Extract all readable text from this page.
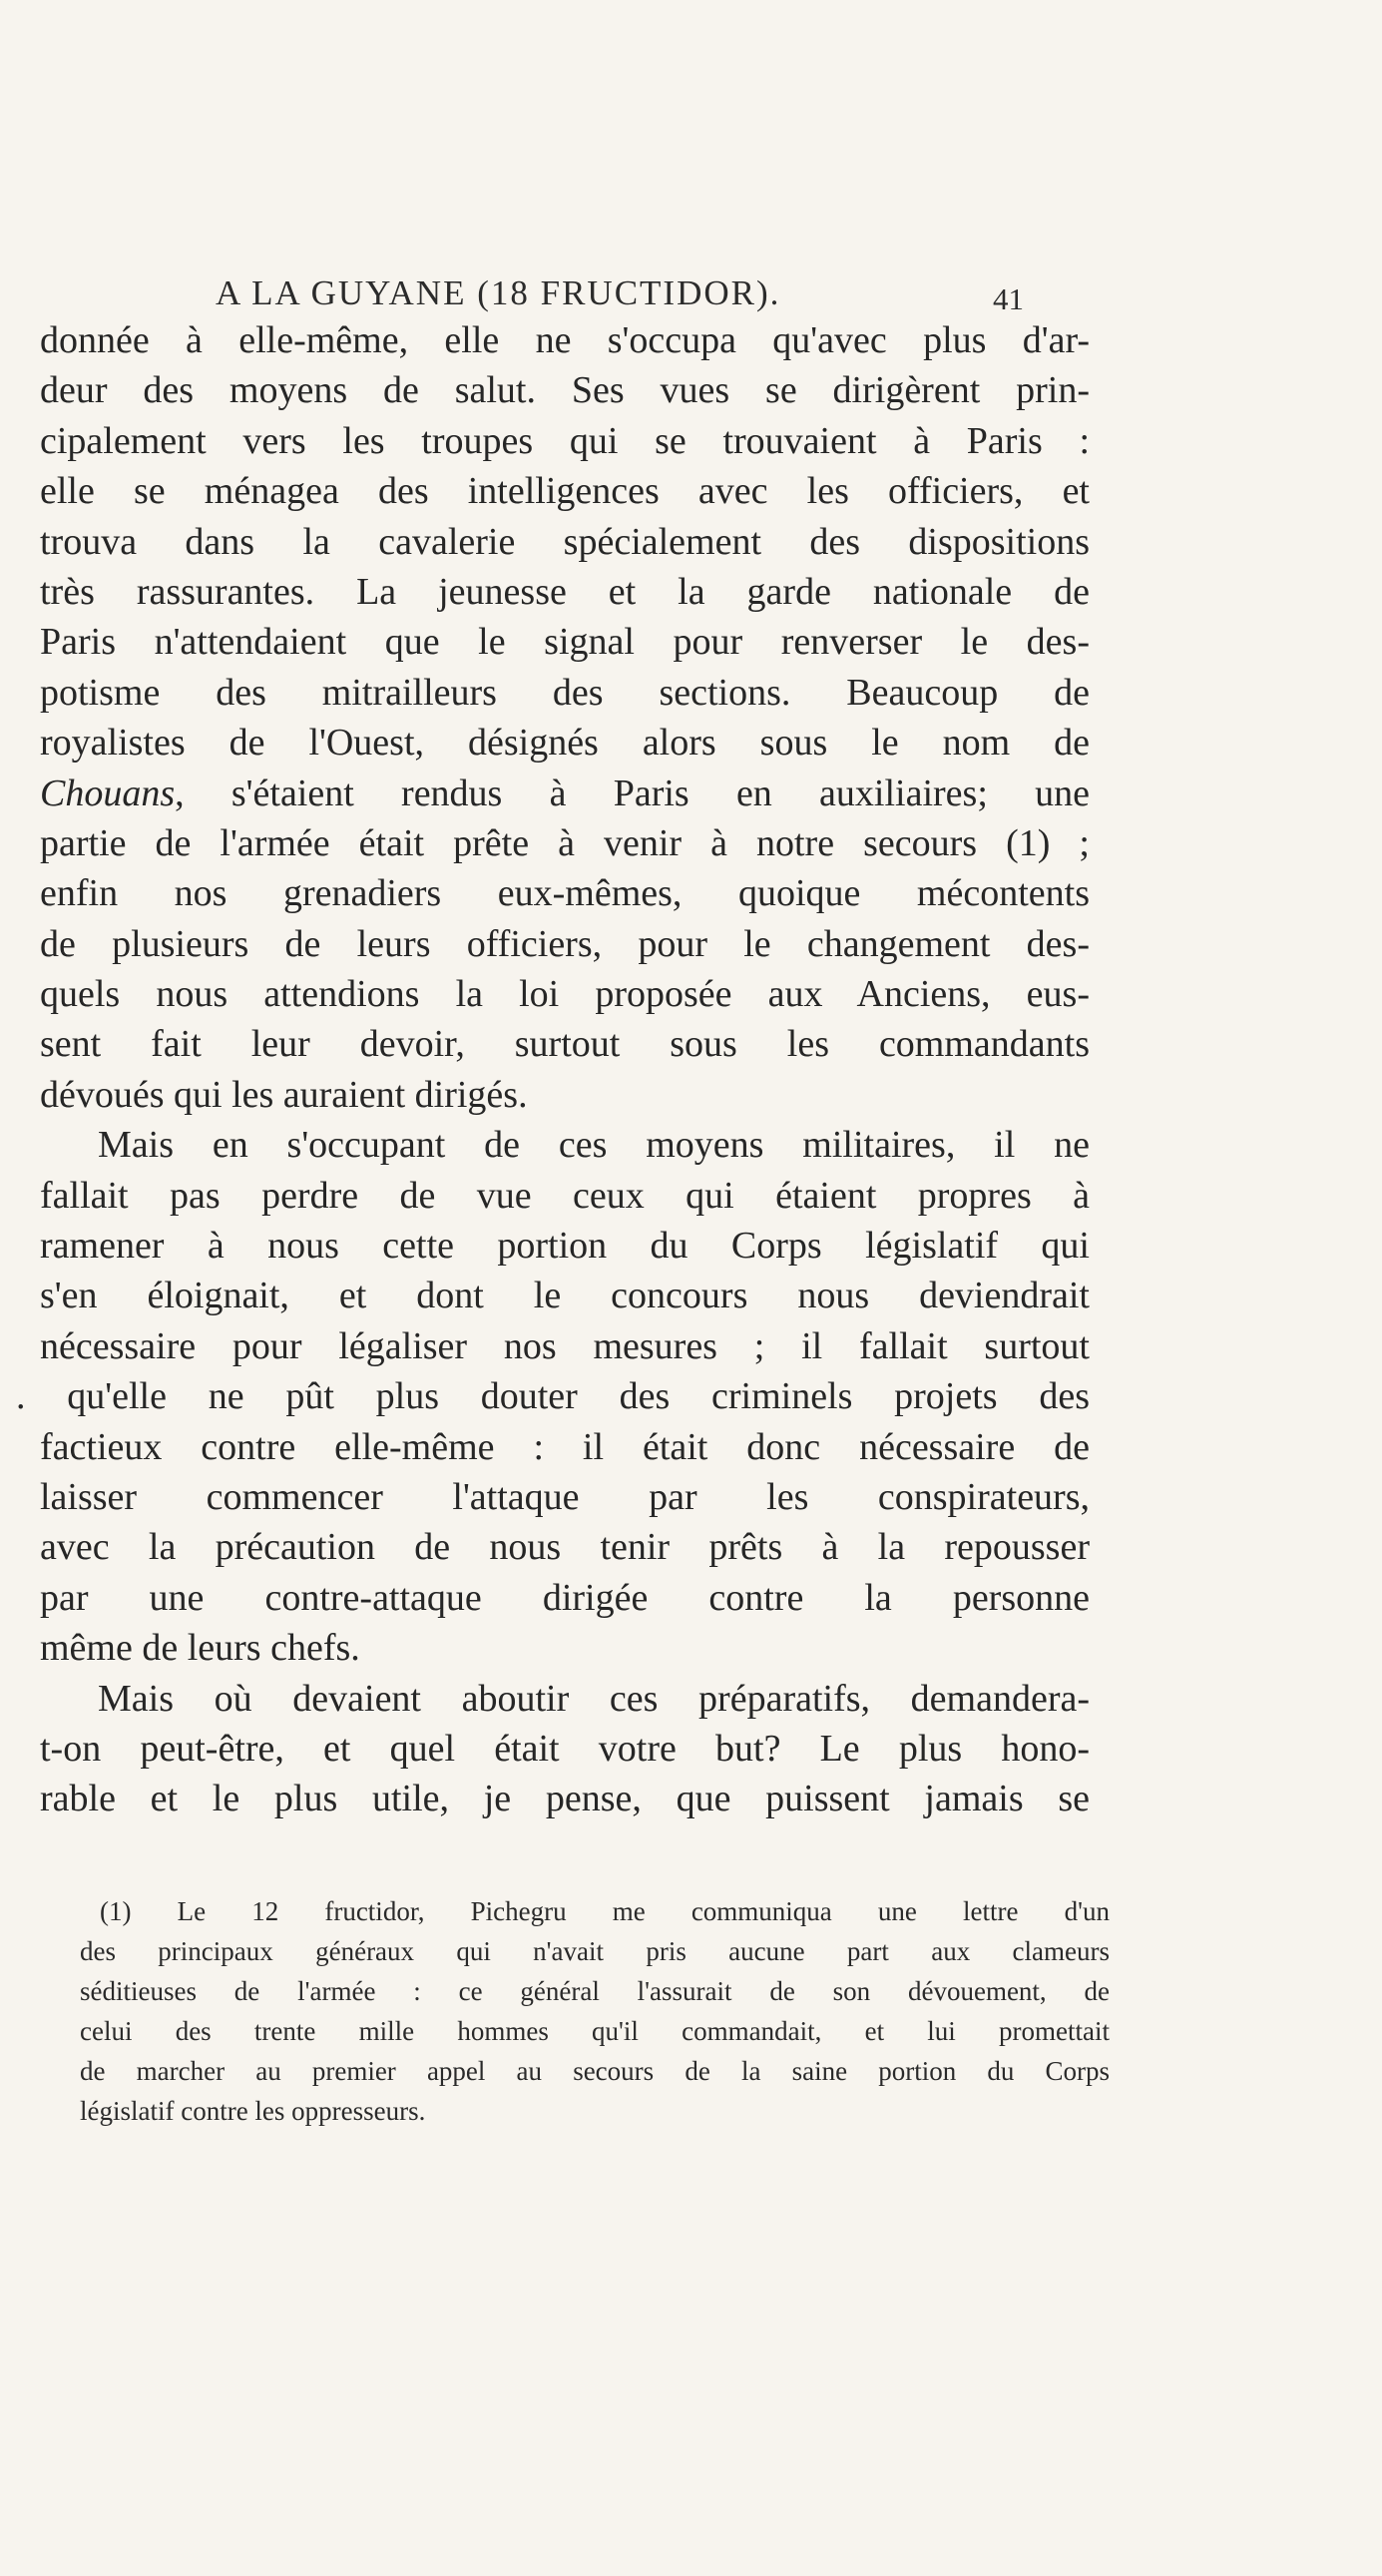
A LA GUYANE (18 FRUCTIDOR).	41
donnée à elle-même, elle ne s'occupa qu'avec plus d'ar-
deur des moyens de salut. Ses vues se dirigèrent prin-
cipalement vers les troupes qui se trouvaient à Paris :
elle se ménagea des intelligences avec les officiers, et
trouva dans la cavalerie spécialement des dispositions
très rassurantes. La jeunesse et la garde nationale de
Paris n'attendaient que le signal pour renverser le des-
potisme des mitrailleurs des sections. Beaucoup de
royalistes de l'Ouest, désignés alors sous le nom de
Chouans, s'étaient rendus à Paris en auxiliaires; une
partie de l'armée était prête à venir à notre secours (1) ;
enfin nos grenadiers eux-mêmes, quoique mécontents
de plusieurs de leurs officiers, pour le changement des-
quels nous attendions la loi proposée aux Anciens, eus-
sent fait leur devoir, surtout sous les commandants
dévoués qui les auraient dirigés.
Mais en s'occupant de ces moyens militaires, il ne
fallait pas perdre de vue ceux qui étaient propres à
ramener à nous cette portion du Corps législatif qui
s'en éloignait, et dont le concours nous deviendrait
nécessaire pour légaliser nos mesures ; il fallait surtout
. qu'elle ne pût plus douter des criminels projets des
factieux contre elle-même : il était donc nécessaire de
laisser commencer l'attaque par les conspirateurs,
avec la précaution de nous tenir prêts à la repousser
par une contre-attaque dirigée contre la personne
même de leurs chefs.
Mais où devaient aboutir ces préparatifs, demandera-
t-on peut-être, et quel était votre but? Le plus hono-
rable et le plus utile, je pense, que puissent jamais se
(1) Le 12 fructidor, Pichegru me communiqua une lettre d'un
des principaux généraux qui n'avait pris aucune part aux clameurs
séditieuses de l'armée : ce général l'assurait de son dévouement, de
celui des trente mille hommes qu'il commandait, et lui promettait
de marcher au premier appel au secours de la saine portion du Corps
législatif contre les oppresseurs.
